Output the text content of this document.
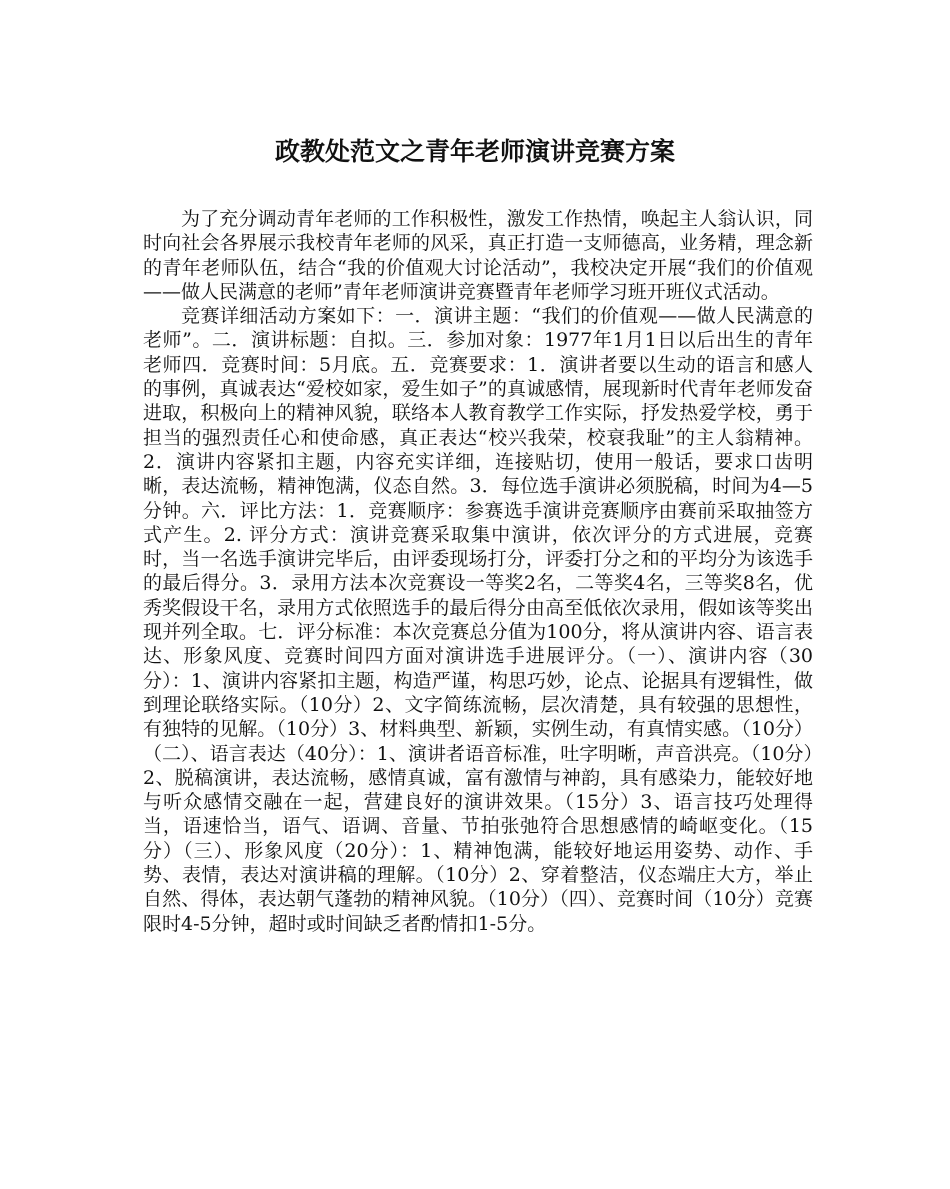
政教处范文之青年老师演讲竞赛方案

为了充分调动青年老师的工作积极性，激发工作热情，唤起主人翁认识，同时向社会各界展示我校青年老师的风采，真正打造一支师德高，业务精，理念新的青年老师队伍，结合“我的价值观大讨论活动”，我校决定开展“我们的价值观——做人民满意的老师”青年老师演讲竞赛暨青年老师学习班开班仪式活动。

竞赛详细活动方案如下：一．演讲主题：“我们的价值观——做人民满意的老师”。二．演讲标题：自拟。三．参加对象：1977年1月1日以后出生的青年老师四．竞赛时间：5月底。五．竞赛要求：1．演讲者要以生动的语言和感人的事例，真诚表达“爱校如家，爱生如子”的真诚感情，展现新时代青年老师发奋进取，积极向上的精神风貌，联络本人教育教学工作实际，抒发热爱学校，勇于担当的强烈责任心和使命感，真正表达“校兴我荣，校衰我耻”的主人翁精神。2．演讲内容紧扣主题，内容充实详细，连接贴切，使用一般话，要求口齿明晰，表达流畅，精神饱满，仪态自然。3．每位选手演讲必须脱稿，时间为4—5分钟。六．评比方法：1．竞赛顺序：参赛选手演讲竞赛顺序由赛前采取抽签方式产生。2. 评分方式：演讲竞赛采取集中演讲，依次评分的方式进展，竞赛时，当一名选手演讲完毕后，由评委现场打分，评委打分之和的平均分为该选手的最后得分。3．录用方法本次竞赛设一等奖2名，二等奖4名，三等奖8名，优秀奖假设干名，录用方式依照选手的最后得分由高至低依次录用，假如该等奖出现并列全取。七．评分标准：本次竞赛总分值为100分，将从演讲内容、语言表达、形象风度、竞赛时间四方面对演讲选手进展评分。（一）、演讲内容（30分）：1、演讲内容紧扣主题，构造严谨，构思巧妙，论点、论据具有逻辑性，做到理论联络实际。（10分）2、文字简练流畅，层次清楚，具有较强的思想性，有独特的见解。（10分）3、材料典型、新颖，实例生动，有真情实感。（10分）（二）、语言表达（40分）：1、演讲者语音标准，吐字明晰，声音洪亮。（10分）2、脱稿演讲，表达流畅，感情真诚，富有激情与神韵，具有感染力，能较好地与听众感情交融在一起，营建良好的演讲效果。（15分）3、语言技巧处理得当，语速恰当，语气、语调、音量、节拍张弛符合思想感情的崎岖变化。（15分）（三）、形象风度（20分）：1、精神饱满，能较好地运用姿势、动作、手势、表情，表达对演讲稿的理解。（10分）2、穿着整洁，仪态端庄大方，举止自然、得体，表达朝气蓬勃的精神风貌。（10分）（四）、竞赛时间（10分）竞赛限时4-5分钟，超时或时间缺乏者酌情扣1-5分。
